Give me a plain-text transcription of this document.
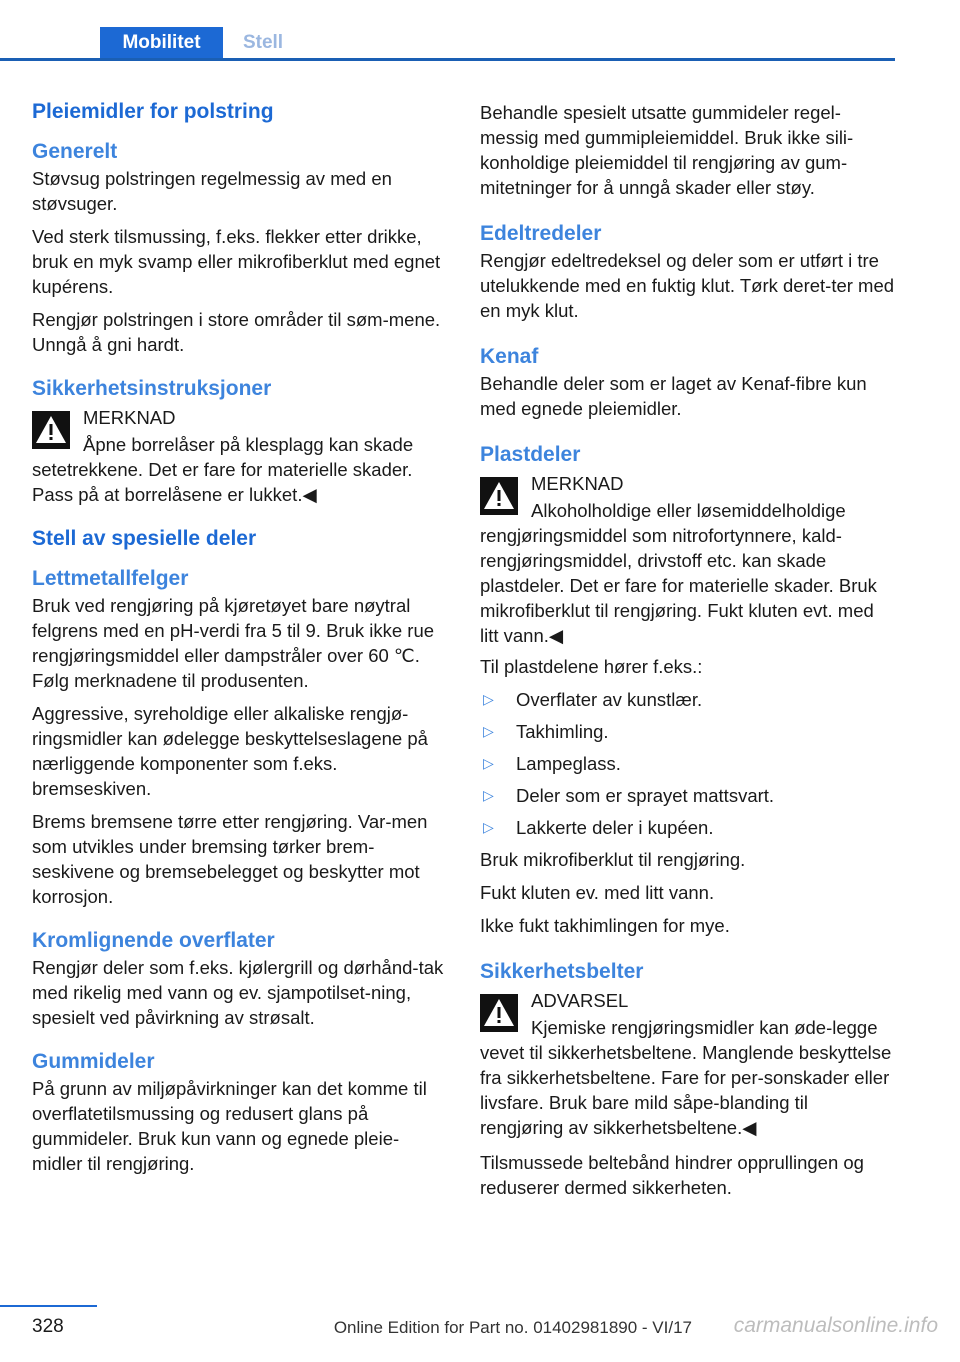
Mobilitet	Stell
Pleiemidler for polstring
Generelt

Støvsug polstringen regelmessig av med en støvsuger.

Ved sterk tilsmussing, f.eks. flekker etter drikke, bruk en myk svamp eller mikrofiberklut med egnet kupérens.

Rengjør polstringen i store områder til søm-mene. Unngå å gni hardt.

Sikkerhetsinstruksjoner
MERKNAD

Åpne borrelåser på klesplagg kan skade setetrekkene. Det er fare for materielle skader. Pass på at borrelåsene er lukket.◀

Stell av spesielle deler
Lettmetallfelger

Bruk ved rengjøring på kjøretøyet bare nøytral felgrens med en pH-verdi fra 5 til 9. Bruk ikke rue rengjøringsmiddel eller dampstråler over 60 ℃. Følg merknadene til produsenten.

Aggressive, syreholdige eller alkaliske rengjø-ringsmidler kan ødelegge beskyttelseslagene på nærliggende komponenter som f.eks. bremseskiven.

Brems bremsene tørre etter rengjøring. Var-men som utvikles under bremsing tørker brem-seskivene og bremsebelegget og beskytter mot korrosjon.

Kromlignende overflater

Rengjør deler som f.eks. kjølergrill og dørhånd-tak med rikelig med vann og ev. sjampotilset-ning, spesielt ved påvirkning av strøsalt.

Gummideler

På grunn av miljøpåvirkninger kan det komme til overflatetilsmussing og redusert glans på gummideler. Bruk kun vann og egnede pleie-midler til rengjøring.

Behandle spesielt utsatte gummideler regel-messig med gummipleiemiddel. Bruk ikke sili-konholdige pleiemiddel til rengjøring av gum-mitetninger for å unngå skader eller støy.

Edeltredeler

Rengjør edeltredeksel og deler som er utført i tre utelukkende med en fuktig klut. Tørk deret-ter med en myk klut.

Kenaf

Behandle deler som er laget av Kenaf-fibre kun med egnede pleiemidler.

Plastdeler
MERKNAD

Alkoholholdige eller løsemiddelholdige rengjøringsmiddel som nitrofortynnere, kald-rengjøringsmiddel, drivstoff etc. kan skade plastdeler. Det er fare for materielle skader. Bruk mikrofiberklut til rengjøring. Fukt kluten evt. med litt vann.◀

Til plastdelene hører f.eks.:

▷	Overflater av kunstlær.
▷	Takhimling.
▷	Lampeglass.
▷	Deler som er sprayet mattsvart.
▷	Lakkerte deler i kupéen.

Bruk mikrofiberklut til rengjøring.

Fukt kluten ev. med litt vann.

Ikke fukt takhimlingen for mye.

Sikkerhetsbelter
ADVARSEL

Kjemiske rengjøringsmidler kan øde-legge vevet til sikkerhetsbeltene. Manglende beskyttelse fra sikkerhetsbeltene. Fare for per-sonskader eller livsfare. Bruk bare mild såpe-blanding til rengjøring av sikkerhetsbeltene.◀

Tilsmussede beltebånd hindrer opprullingen og reduserer dermed sikkerheten.

328	Online Edition for Part no. 01402981890 - VI/17 carmanualsonline.info
